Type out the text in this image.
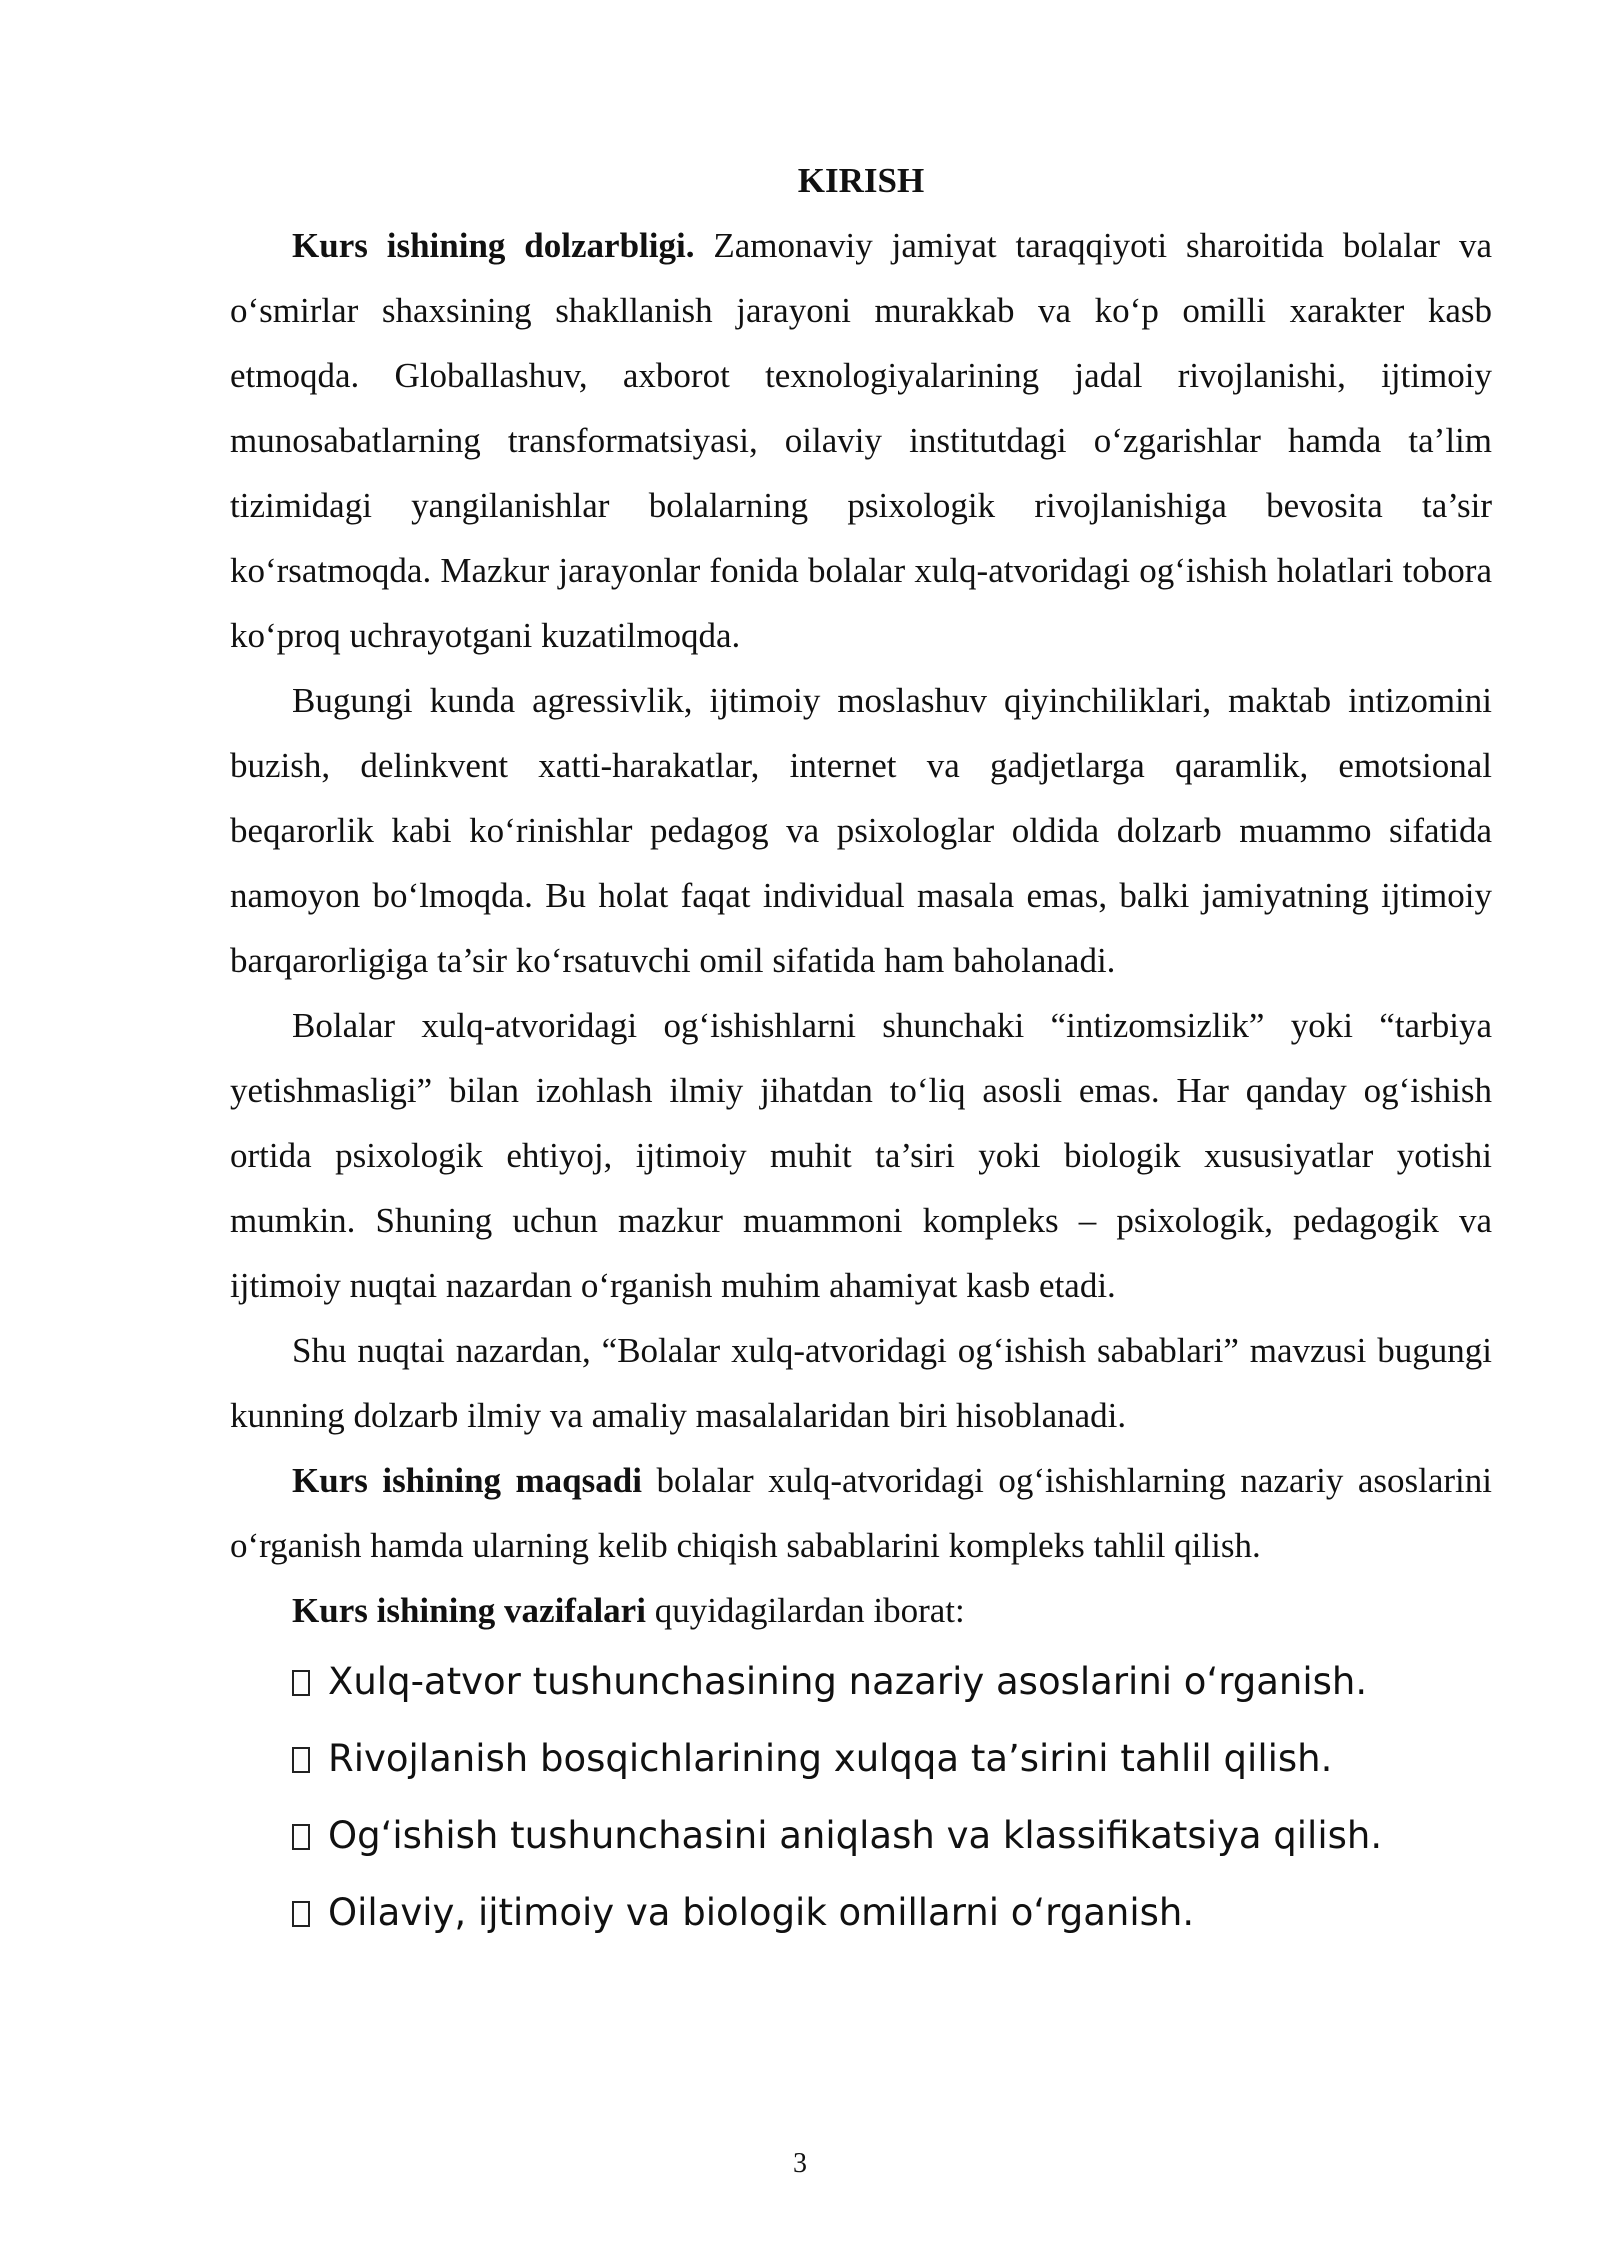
KIRISH

Kurs ishining dolzarbligi. Zamonaviy jamiyat taraqqiyoti sharoitida bolalar va o‘smirlar shaxsining shakllanish jarayoni murakkab va ko‘p omilli xarakter kasb etmoqda. Globallashuv, axborot texnologiyalarining jadal rivojlanishi, ijtimoiy munosabatlarning transformatsiyasi, oilaviy institutdagi o‘zgarishlar hamda ta’lim tizimidagi yangilanishlar bolalarning psixologik rivojlanishiga bevosita ta’sir ko‘rsatmoqda. Mazkur jarayonlar fonida bolalar xulq-atvoridagi og‘ishish holatlari tobora ko‘proq uchrayotgani kuzatilmoqda.

Bugungi kunda agressivlik, ijtimoiy moslashuv qiyinchiliklari, maktab intizomini buzish, delinkvent xatti-harakatlar, internet va gadjetlarga qaramlik, emotsional beqarorlik kabi ko‘rinishlar pedagog va psixologlar oldida dolzarb muammo sifatida namoyon bo‘lmoqda. Bu holat faqat individual masala emas, balki jamiyatning ijtimoiy barqarorligiga ta’sir ko‘rsatuvchi omil sifatida ham baholanadi.

Bolalar xulq-atvoridagi og‘ishishlarni shunchaki “intizomsizlik” yoki “tarbiya yetishmasligi” bilan izohlash ilmiy jihatdan to‘liq asosli emas. Har qanday og‘ishish ortida psixologik ehtiyoj, ijtimoiy muhit ta’siri yoki biologik xususiyatlar yotishi mumkin. Shuning uchun mazkur muammoni kompleks – psixologik, pedagogik va ijtimoiy nuqtai nazardan o‘rganish muhim ahamiyat kasb etadi.

Shu nuqtai nazardan, “Bolalar xulq-atvoridagi og‘ishish sabablari” mavzusi bugungi kunning dolzarb ilmiy va amaliy masalalaridan biri hisoblanadi.

Kurs ishining maqsadi bolalar xulq-atvoridagi og‘ishishlarning nazariy asoslarini o‘rganish hamda ularning kelib chiqish sabablarini kompleks tahlil qilish.

Kurs ishining vazifalari quyidagilardan iborat:

Xulq-atvor tushunchasining nazariy asoslarini o‘rganish.
Rivojlanish bosqichlarining xulqqa ta’sirini tahlil qilish.
Og‘ishish tushunchasini aniqlash va klassifikatsiya qilish.
Oilaviy, ijtimoiy va biologik omillarni o‘rganish.
3
